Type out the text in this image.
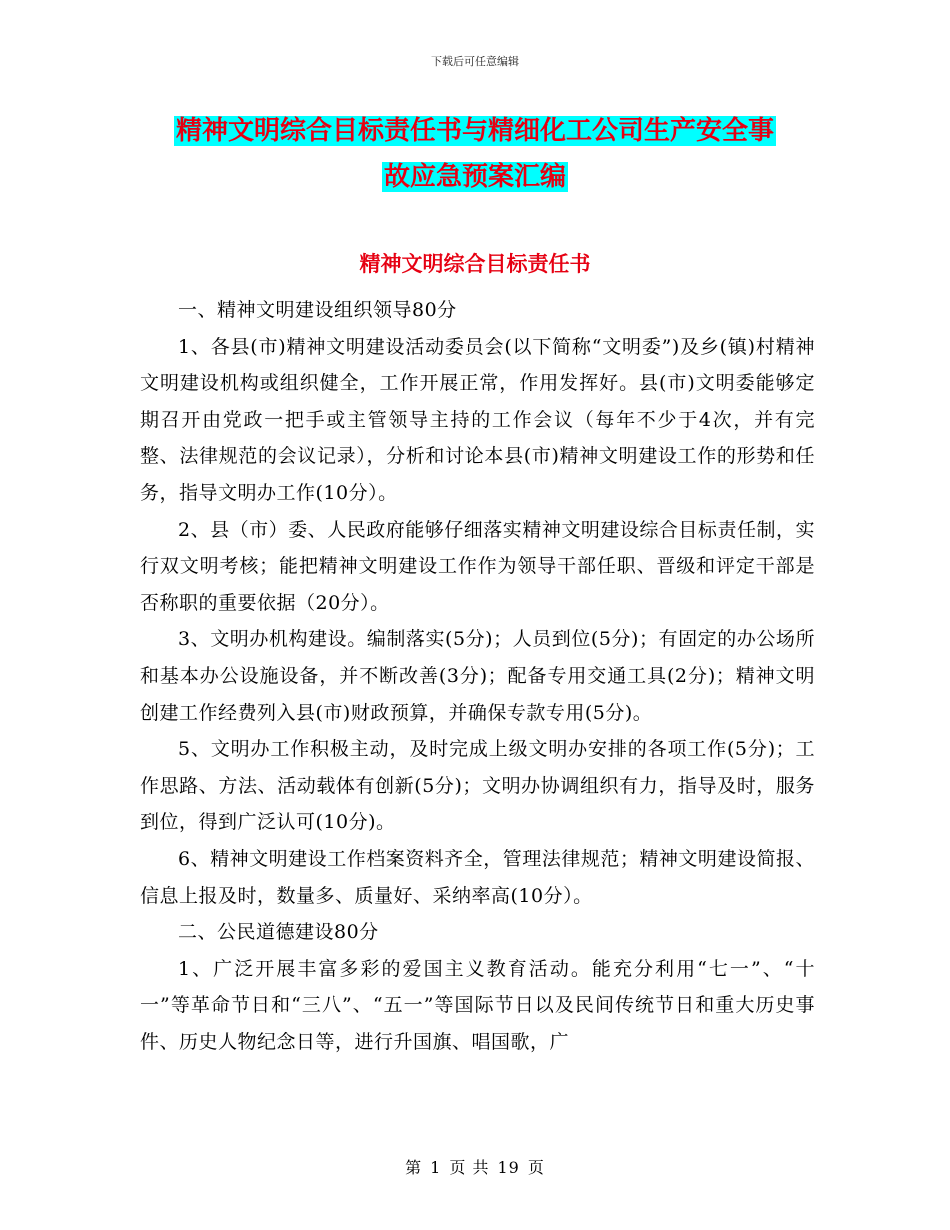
下载后可任意编辑
精神文明综合目标责任书与精细化工公司生产安全事
故应急预案汇编
精神文明综合目标责任书

一、精神文明建设组织领导80分

1、各县(市)精神文明建设活动委员会(以下简称“文明委”)及乡(镇)村精神文明建设机构或组织健全，工作开展正常，作用发挥好。县(市)文明委能够定期召开由党政一把手或主管领导主持的工作会议（每年不少于4次，并有完整、法律规范的会议记录），分析和讨论本县(市)精神文明建设工作的形势和任务，指导文明办工作(10分）。

2、县（市）委、人民政府能够仔细落实精神文明建设综合目标责任制，实行双文明考核；能把精神文明建设工作作为领导干部任职、晋级和评定干部是否称职的重要依据（20分）。

3、文明办机构建设。编制落实(5分)；人员到位(5分)；有固定的办公场所和基本办公设施设备，并不断改善(3分)；配备专用交通工具(2分)；精神文明创建工作经费列入县(市)财政预算，并确保专款专用(5分)。

5、文明办工作积极主动，及时完成上级文明办安排的各项工作(5分)；工作思路、方法、活动载体有创新(5分)；文明办协调组织有力，指导及时，服务到位，得到广泛认可(10分)。

6、精神文明建设工作档案资料齐全，管理法律规范；精神文明建设简报、信息上报及时，数量多、质量好、采纳率高(10分）。

二、公民道德建设80分

1、广泛开展丰富多彩的爱国主义教育活动。能充分利用“七一”、“十一”等革命节日和“三八”、“五一”等国际节日以及民间传统节日和重大历史事件、历史人物纪念日等，进行升国旗、唱国歌，广

第 1 页 共 19 页
